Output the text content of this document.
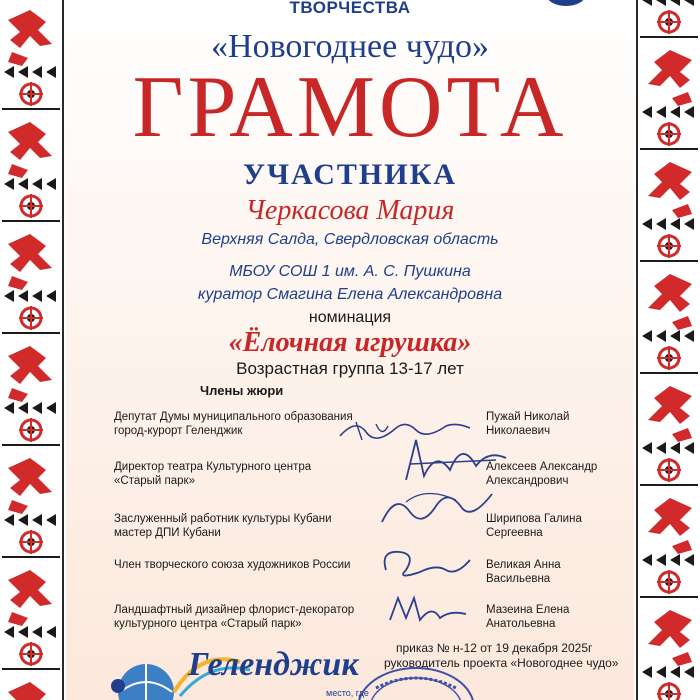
ТВОРЧЕСТВА
«Новогоднее чудо»
ГРАМОТА
УЧАСТНИКА
Черкасова Мария
Верхняя Салда, Свердловская область
МБОУ СОШ 1 им. А. С. Пушкина
куратор Смагина Елена Александровна
номинация
«Ёлочная игрушка»
Возрастная группа 13-17 лет
Члены жюри
Депутат Думы муниципального образования
город-курорт Геленджик
Пужай Николай
Николаевич
Директор театра Культурного центра
«Старый парк»
Алексеев Александр
Александрович
Заслуженный работник культуры Кубани
мастер ДПИ Кубани
Ширипова Галина
Сергеевна
Член творческого союза художников России	Великая Анна
Васильевна
Ландшафтный дизайнер флорист-декоратор
культурного центра «Старый парк»
Мазеина Елена
Анатольевна
приказ № н-12 от 19 декабря 2025г
руководитель проекта «Новогоднее чудо»
Геленджик
место, где
